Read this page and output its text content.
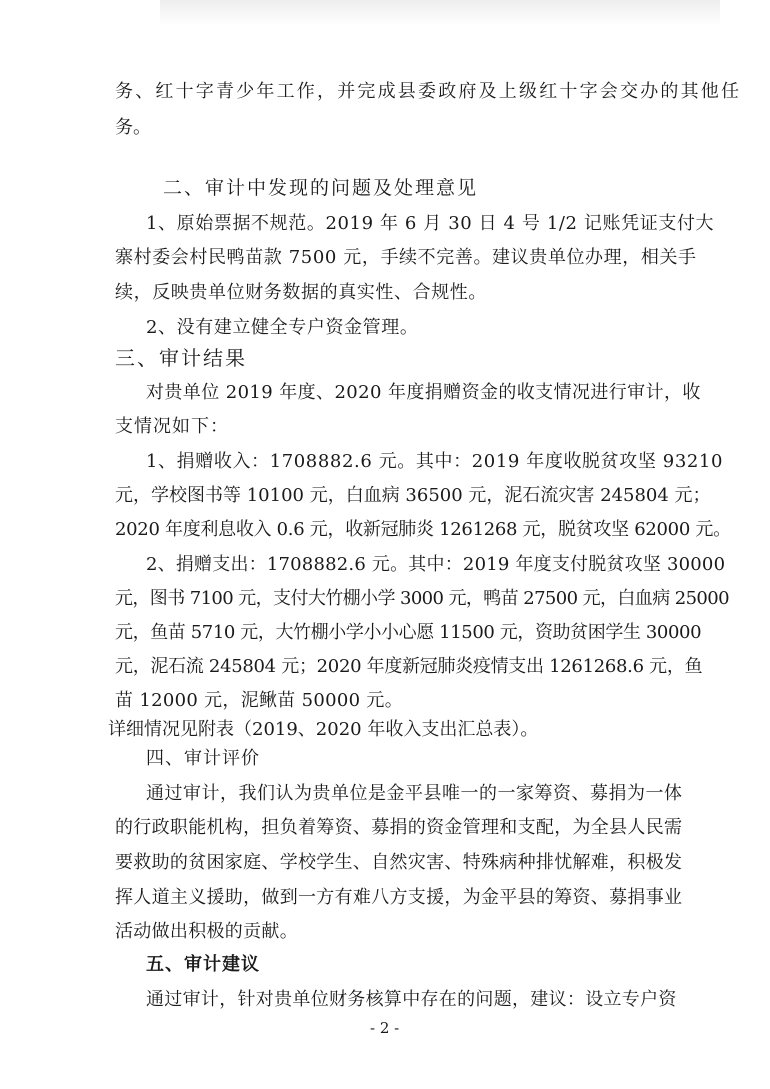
务、红十字青少年工作，并完成县委政府及上级红十字会交办的其他任
务。
二、审计中发现的问题及处理意见
1、原始票据不规范。2019 年 6 月 30 日 4 号 1/2 记账凭证支付大
寨村委会村民鸭苗款 7500 元，手续不完善。建议贵单位办理，相关手
续，反映贵单位财务数据的真实性、合规性。
2、没有建立健全专户资金管理。
三、审计结果
对贵单位 2019 年度、2020 年度捐赠资金的收支情况进行审计，收
支情况如下：
1、捐赠收入：1708882.6 元。其中：2019 年度收脱贫攻坚 93210
元，学校图书等 10100 元，白血病 36500 元，泥石流灾害 245804 元；
2020 年度利息收入 0.6 元，收新冠肺炎 1261268 元，脱贫攻坚 62000 元。
2、捐赠支出：1708882.6 元。其中：2019 年度支付脱贫攻坚 30000
元，图书 7100 元，支付大竹棚小学 3000 元，鸭苗 27500 元，白血病 25000
元，鱼苗 5710 元，大竹棚小学小小心愿 11500 元，资助贫困学生 30000
元，泥石流 245804 元；2020 年度新冠肺炎疫情支出 1261268.6 元，鱼
苗 12000 元，泥鳅苗 50000 元。
详细情况见附表（2019、2020 年收入支出汇总表）。
四、审计评价
通过审计，我们认为贵单位是金平县唯一的一家筹资、募捐为一体
的行政职能机构，担负着筹资、募捐的资金管理和支配，为全县人民需
要救助的贫困家庭、学校学生、自然灾害、特殊病种排忧解难，积极发
挥人道主义援助，做到一方有难八方支援，为金平县的筹资、募捐事业
活动做出积极的贡献。
五、审计建议
通过审计，针对贵单位财务核算中存在的问题，建议：设立专户资
- 2 -
